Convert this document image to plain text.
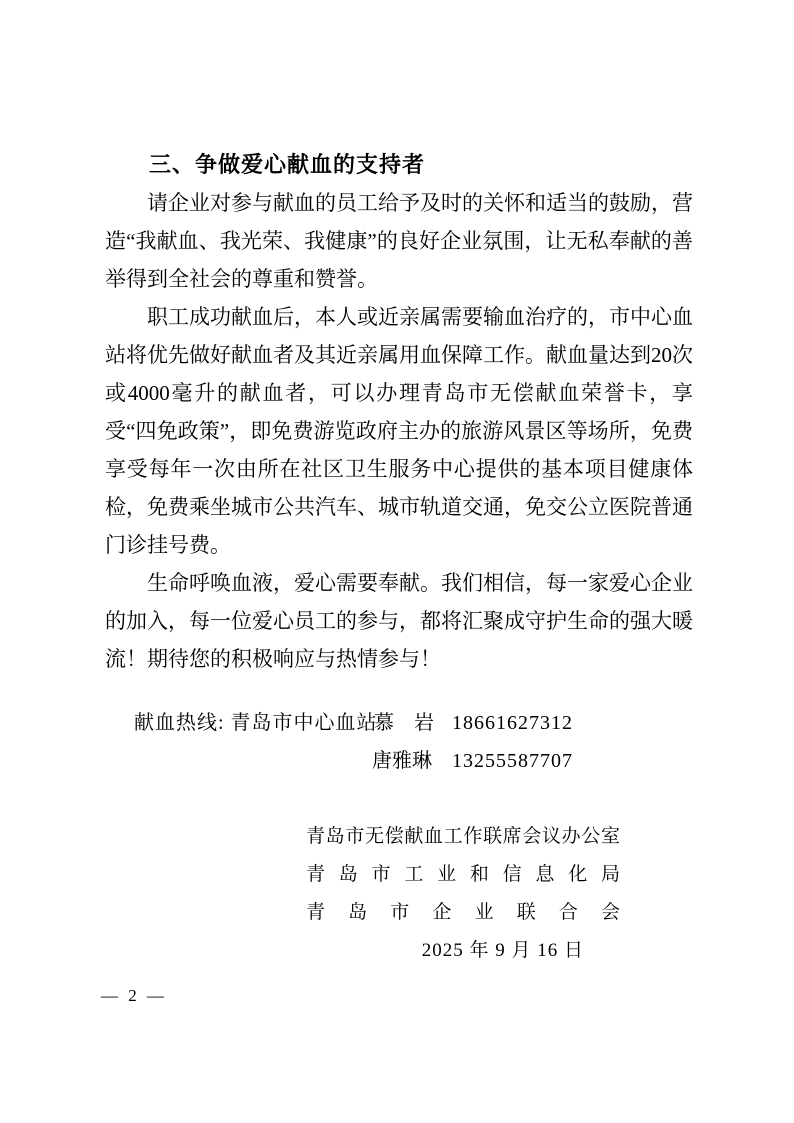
三、争做爱心献血的支持者

请企业对参与献血的员工给予及时的关怀和适当的鼓励，营造“我献血、我光荣、我健康”的良好企业氛围，让无私奉献的善举得到全社会的尊重和赞誉。

职工成功献血后，本人或近亲属需要输血治疗的，市中心血站将优先做好献血者及其近亲属用血保障工作。献血量达到20次或4000毫升的献血者，可以办理青岛市无偿献血荣誉卡，享受“四免政策”，即免费游览政府主办的旅游风景区等场所，免费享受每年一次由所在社区卫生服务中心提供的基本项目健康体检，免费乘坐城市公共汽车、城市轨道交通，免交公立医院普通门诊挂号费。

生命呼唤血液，爱心需要奉献。我们相信，每一家爱心企业的加入，每一位爱心员工的参与，都将汇聚成守护生命的强大暖流！期待您的积极响应与热情参与！

献血热线: 青岛市中心血站
慕　岩 18661627312
唐雅琳 13255587707
青岛市无偿献血工作联席会议办公室
青岛市工业和信息化局
青岛市企业联合会
2025 年 9 月 16 日
— 2 —
